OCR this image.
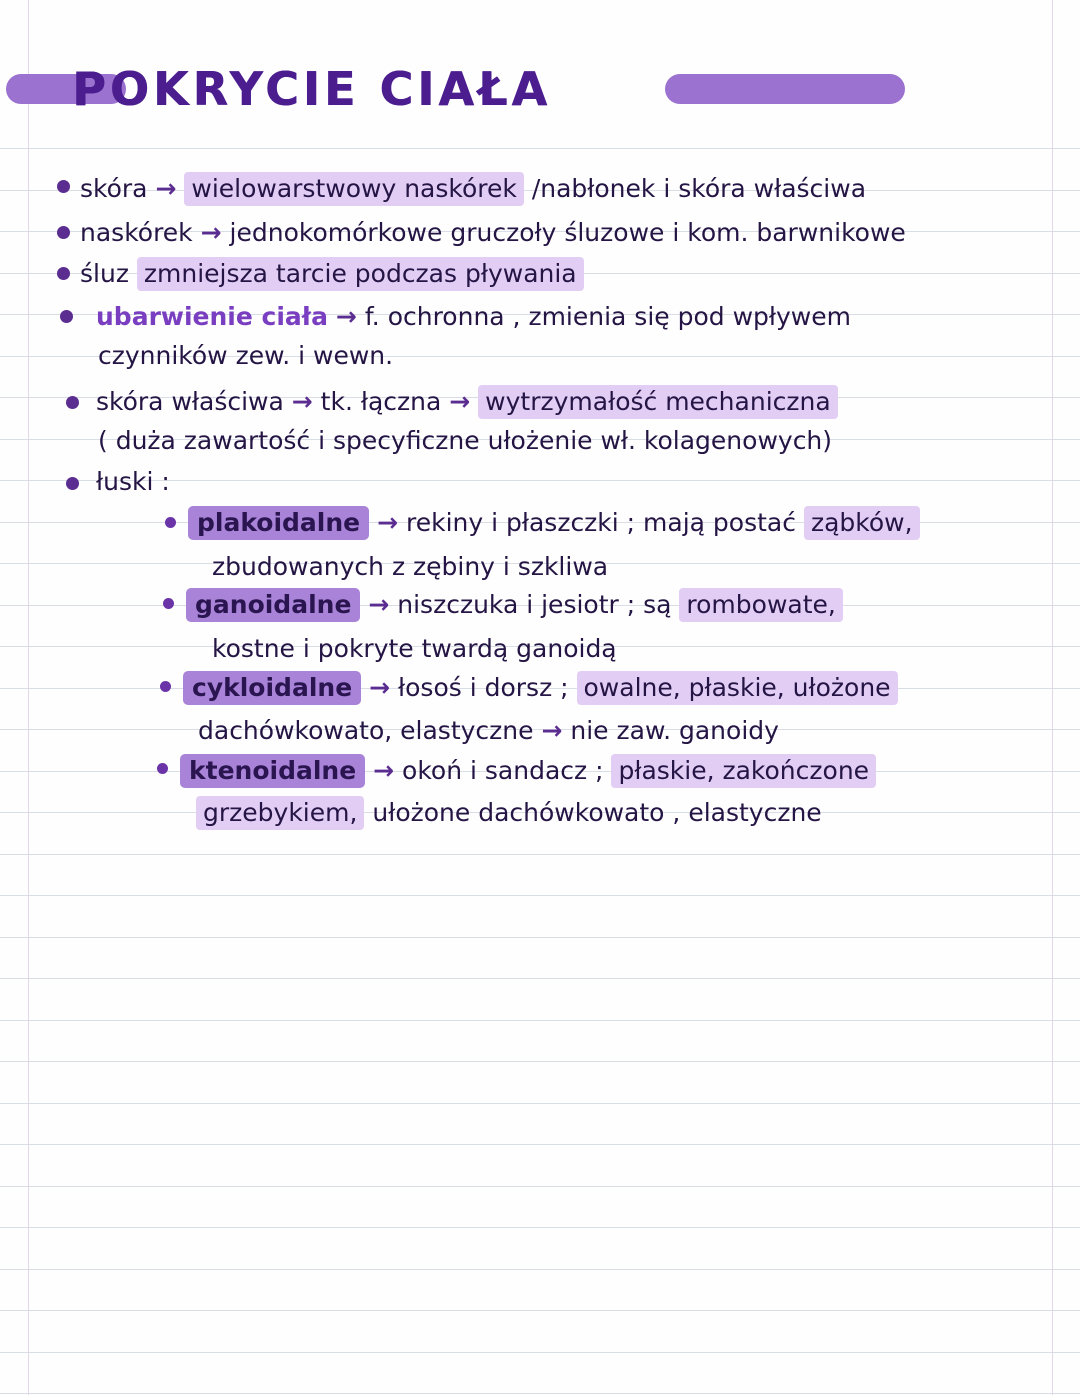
POKRYCIE CIAŁA
skóra → wielowarstwowy naskórek /nabłonek i skóra właściwa
naskórek → jednokomórkowe gruczoły śluzowe i kom. barwnikowe
śluz zmniejsza tarcie podczas pływania
ubarwienie ciała → f. ochronna , zmienia się pod wpływem
czynników zew. i wewn.
skóra właściwa → tk. łączna → wytrzymałość mechaniczna
( duża zawartość i specyficzne ułożenie wł. kolagenowych)
łuski :
plakoidalne → rekiny i płaszczki ; mają postać ząbków,
zbudowanych z zębiny i szkliwa
ganoidalne → niszczuka i jesiotr ; są rombowate,
kostne i pokryte twardą ganoidą
cykloidalne → łosoś i dorsz ; owalne, płaskie, ułożone
dachówkowato, elastyczne → nie zaw. ganoidy
ktenoidalne → okoń i sandacz ; płaskie, zakończone
grzebykiem, ułożone dachówkowato , elastyczne
